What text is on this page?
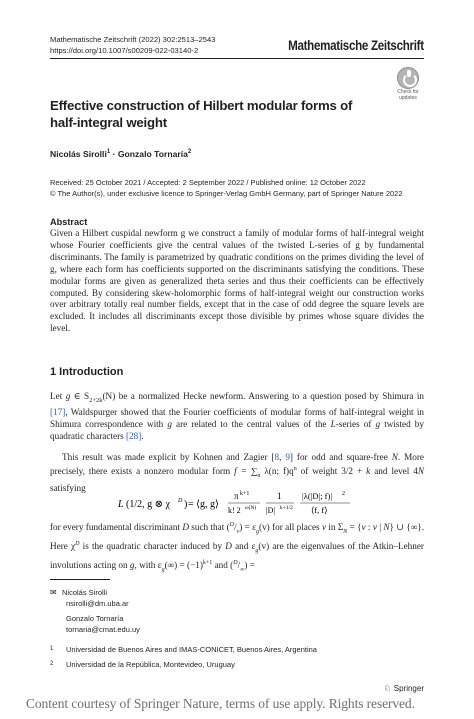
Mathematische Zeitschrift (2022) 302:2513–2543
https://doi.org/10.1007/s00209-022-03140-2	Mathematische Zeitschrift
Check for
updates
Effective construction of Hilbert modular forms of half-integral weight
Nicolás Sirolli$^1$ · Gonzalo Tornaría$^2$
Received: 25 October 2021 / Accepted: 2 September 2022 / Published online: 12 October 2022
© The Author(s), under exclusive licence to Springer-Verlag GmbH Germany, part of Springer Nature 2022
Abstract
Given a Hilbert cuspidal newform g we construct a family of modular forms of half-integral weight whose Fourier coefficients give the central values of the twisted L-series of g by fundamental discriminants. The family is parametrized by quadratic conditions on the primes dividing the level of g, where each form has coefficients supported on the discriminants satisfying the conditions. These modular forms are given as generalized theta series and thus their coefficients can be effectively computed. By considering skew-holomorphic forms of half-integral weight our construction works over arbitrary totally real number fields, except that in the case of odd degree the square levels are excluded. It includes all discriminants except those divisible by primes whose square divides the level.
1 Introduction
Let g ∈ $S_{2+2k}(N)$ be a normalized Hecke newform. Answering to a question posed by Shimura in [17], Waldspurger showed that the Fourier coefficients of modular forms of half-integral weight in Shimura correspondence with g are related to the central values of the L-series of g twisted by quadratic characters [28].
This result was made explicit by Kohnen and Zagier [8, 9] for odd and square-free N. More precisely, there exists a nonzero modular form $f = \sum_n$ λ(n; $f)q^n$ of weight 3/2 + k and level 4N satisfying
L (1/2, g ⊗ χ D ) = ⟨g, g⟩
π k+1
k! 2 ω(N)
1
|D| k+1/2
|λ(|D|; f)| 2
⟨f, f⟩
for every fundamental discriminant D such that $(^D/_v) = \varepsilon_g(v)$ for all places v in $\Sigma_N = \{v$ : v | N} ∪ {∞}. Here $\chi^D$ is the quadratic character induced by D and $\varepsilon_g(v)$ are the eigenvalues of the Atkin–Lehner involutions acting on g, with $\varepsilon_g(\infty) = (-1)^{k+1}$ and $(^D/_\infty)$ =
✉ Nicolás Sirolli
nsirolli@dm.uba.ar
Gonzalo Tornaría
tornaria@cmat.edu.uy
1 Universidad de Buenos Aires and IMAS-CONICET, Buenos Aires, Argentina
2 Universidad de la República, Montevideo, Uruguay
♘ Springer
Content courtesy of Springer Nature, terms of use apply. Rights reserved.
